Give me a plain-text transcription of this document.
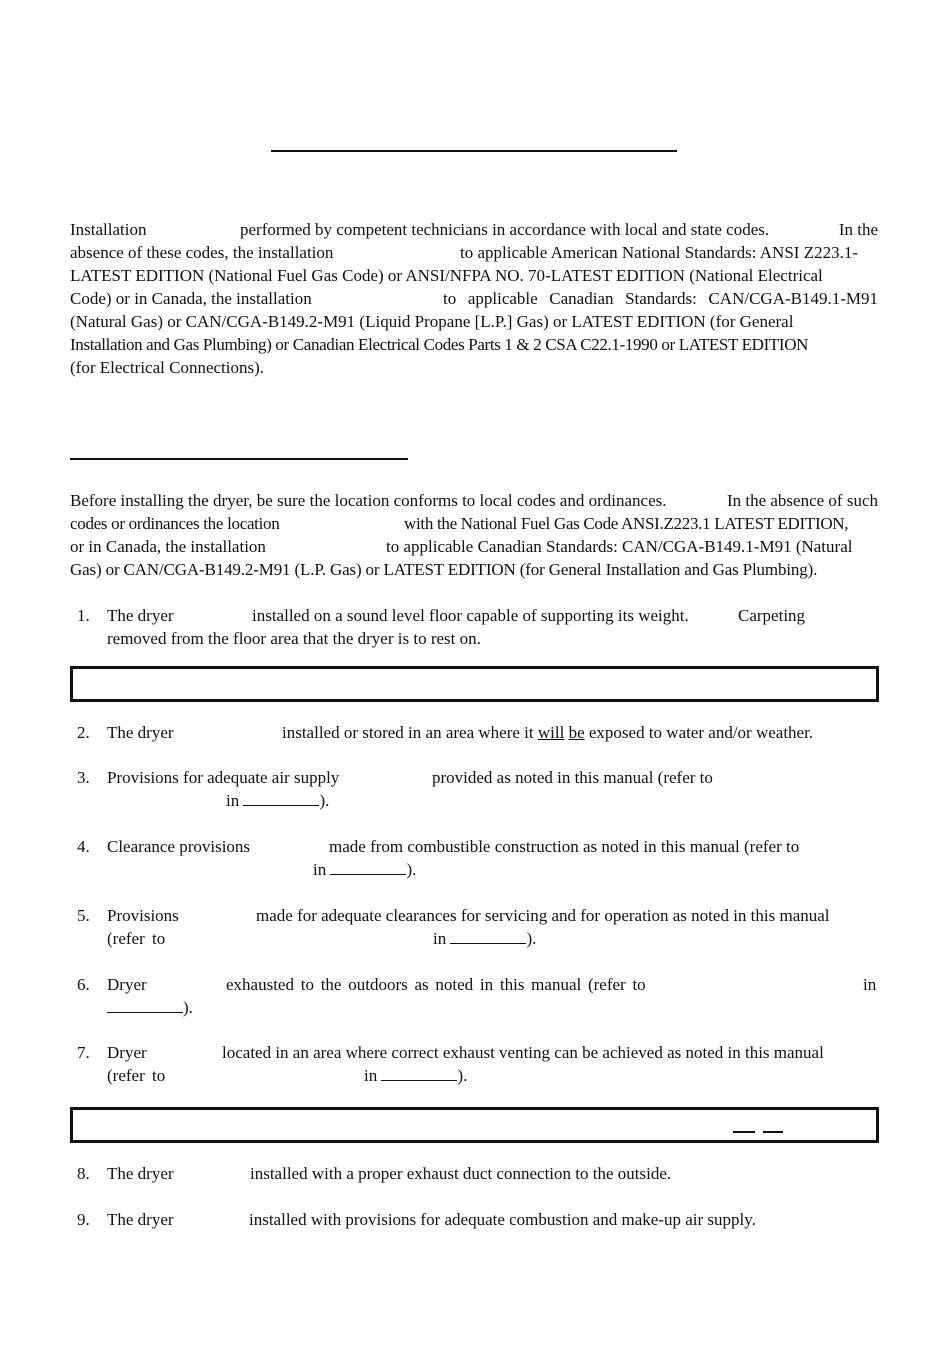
Installation	performed by competent technicians in accordance with local and state codes.	In the
absence of these codes, the installation	to applicable American National Standards: ANSI Z223.1-
LATEST EDITION (National Fuel Gas Code) or ANSI/NFPA NO. 70-LATEST EDITION (National Electrical
Code) or in Canada, the installation	to applicable Canadian Standards: CAN/CGA-B149.1-M91
(Natural Gas) or CAN/CGA-B149.2-M91 (Liquid Propane [L.P.] Gas) or LATEST EDITION (for General
Installation and Gas Plumbing) or Canadian Electrical Codes Parts 1 & 2 CSA C22.1-1990 or LATEST EDITION
(for Electrical Connections).
Before installing the dryer, be sure the location conforms to local codes and ordinances.	In the absence of such
codes or ordinances the location	with the National Fuel Gas Code ANSI.Z223.1 LATEST EDITION,
or in Canada, the installation	to applicable Canadian Standards: CAN/CGA-B149.1-M91 (Natural
Gas) or CAN/CGA-B149.2-M91 (L.P. Gas) or LATEST EDITION (for General Installation and Gas Plumbing).
1. The dryer	installed on a sound level floor capable of supporting its weight.	Carpeting
removed from the floor area that the dryer is to rest on.
2. The dryer	installed or stored in an area where it will be exposed to water and/or weather.
3. Provisions for adequate air supply	provided as noted in this manual (refer to
in	).
4. Clearance provisions	made from combustible construction as noted in this manual (refer to
in	).
5. Provisions	made for adequate clearances for servicing and for operation as noted in this manual
(refer to	in	).
6. Dryer	exhausted to the outdoors as noted in this manual (refer to	in
).
7. Dryer	located in an area where correct exhaust venting can be achieved as noted in this manual
(refer to	in	).
8. The dryer	installed with a proper exhaust duct connection to the outside.
9. The dryer	installed with provisions for adequate combustion and make-up air supply.
